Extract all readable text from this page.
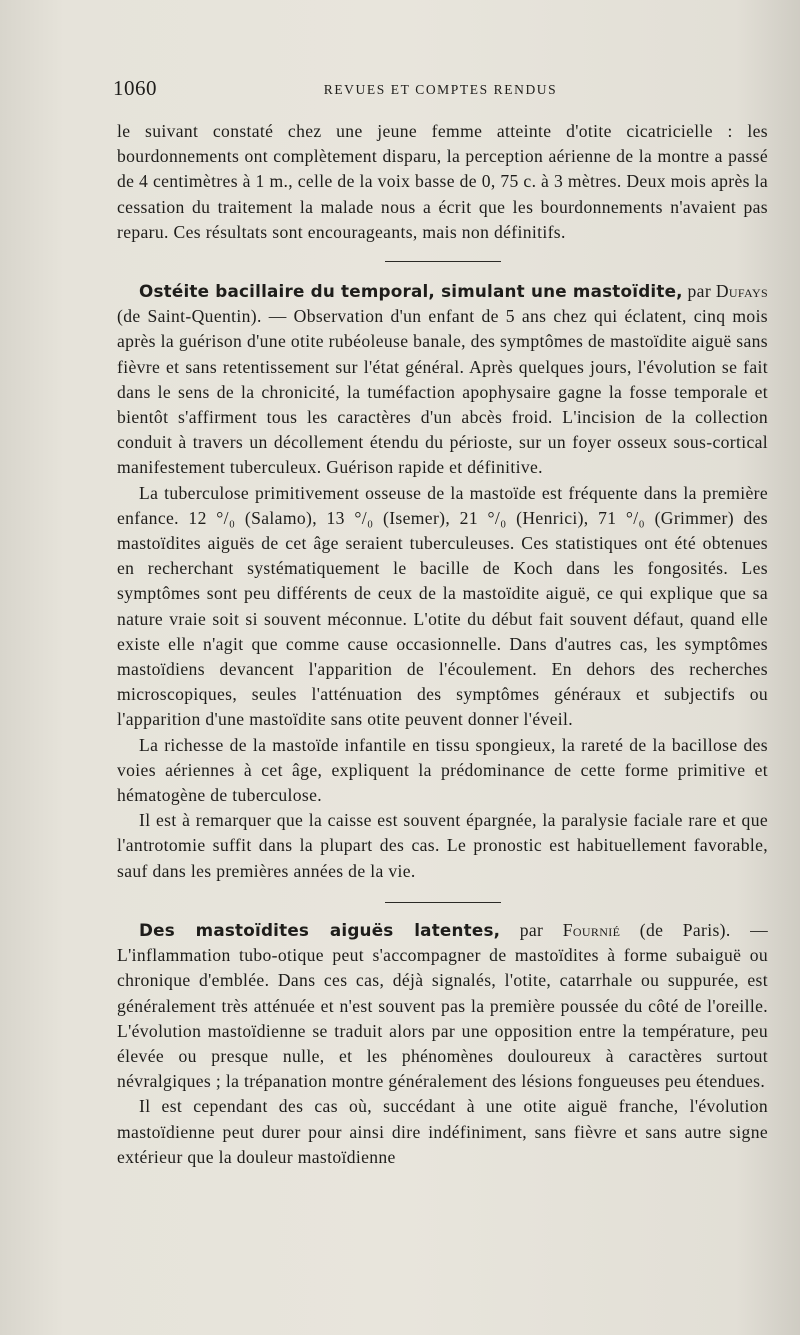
1060	REVUES ET COMPTES RENDUS

le suivant constaté chez une jeune femme atteinte d'otite cicatricielle : les bourdonnements ont complètement disparu, la perception aérienne de la montre a passé de 4 centimètres à 1 m., celle de la voix basse de 0, 75 c. à 3 mètres. Deux mois après la cessation du traitement la malade nous a écrit que les bourdonnements n'avaient pas reparu. Ces résultats sont encourageants, mais non définitifs.

Ostéite bacillaire du temporal, simulant une mastoïdite, par Dufays (de Saint-Quentin). — Observation d'un enfant de 5 ans chez qui éclatent, cinq mois après la guérison d'une otite rubéoleuse banale, des symptômes de mastoïdite aiguë sans fièvre et sans retentissement sur l'état général. Après quelques jours, l'évolution se fait dans le sens de la chronicité, la tuméfaction apophysaire gagne la fosse temporale et bientôt s'affirment tous les caractères d'un abcès froid. L'incision de la collection conduit à travers un décollement étendu du périoste, sur un foyer osseux sous-cortical manifestement tuberculeux. Guérison rapide et définitive.

La tuberculose primitivement osseuse de la mastoïde est fréquente dans la première enfance. 12 °/₀ (Salamo), 13 °/₀ (Isemer), 21 °/₀ (Henrici), 71 °/₀ (Grimmer) des mastoïdites aiguës de cet âge seraient tuberculeuses. Ces statistiques ont été obtenues en recherchant systématiquement le bacille de Koch dans les fongosités. Les symptômes sont peu différents de ceux de la mastoïdite aiguë, ce qui explique que sa nature vraie soit si souvent méconnue. L'otite du début fait souvent défaut, quand elle existe elle n'agit que comme cause occasionnelle. Dans d'autres cas, les symptômes mastoïdiens devancent l'apparition de l'écoulement. En dehors des recherches microscopiques, seules l'atténuation des symptômes généraux et subjectifs ou l'apparition d'une mastoïdite sans otite peuvent donner l'éveil.

La richesse de la mastoïde infantile en tissu spongieux, la rareté de la bacillose des voies aériennes à cet âge, expliquent la prédominance de cette forme primitive et hématogène de tuberculose.

Il est à remarquer que la caisse est souvent épargnée, la paralysie faciale rare et que l'antrotomie suffit dans la plupart des cas. Le pronostic est habituellement favorable, sauf dans les premières années de la vie.

Des mastoïdites aiguës latentes, par Fournié (de Paris). — L'inflammation tubo-otique peut s'accompagner de mastoïdites à forme subaiguë ou chronique d'emblée. Dans ces cas, déjà signalés, l'otite, catarrhale ou suppurée, est généralement très atténuée et n'est souvent pas la première poussée du côté de l'oreille. L'évolution mastoïdienne se traduit alors par une opposition entre la température, peu élevée ou presque nulle, et les phénomènes douloureux à caractères surtout névralgiques ; la trépanation montre généralement des lésions fongueuses peu étendues.

Il est cependant des cas où, succédant à une otite aiguë franche, l'évolution mastoïdienne peut durer pour ainsi dire indéfiniment, sans fièvre et sans autre signe extérieur que la douleur mastoïdienne
